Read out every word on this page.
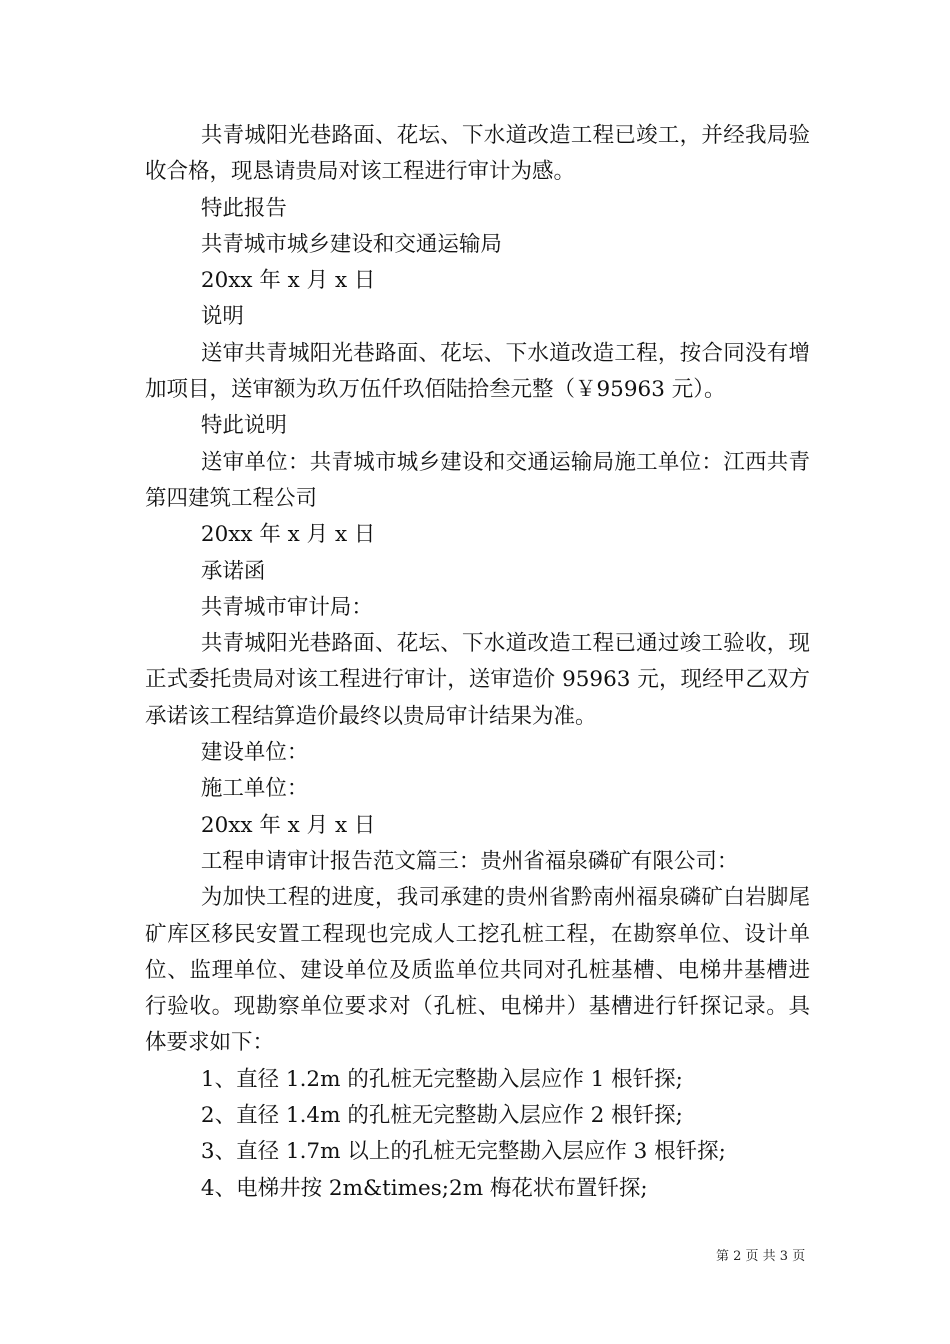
共青城阳光巷路面、花坛、下水道改造工程已竣工，并经我局验收合格，现恳请贵局对该工程进行审计为感。

特此报告

共青城市城乡建设和交通运输局

20xx 年 x 月 x 日

说明

送审共青城阳光巷路面、花坛、下水道改造工程，按合同没有增加项目，送审额为玖万伍仟玖佰陆拾叁元整（￥95963 元）。

特此说明

送审单位：共青城市城乡建设和交通运输局施工单位：江西共青第四建筑工程公司

20xx 年 x 月 x 日

承诺函

共青城市审计局：

共青城阳光巷路面、花坛、下水道改造工程已通过竣工验收，现正式委托贵局对该工程进行审计，送审造价 95963 元，现经甲乙双方承诺该工程结算造价最终以贵局审计结果为准。

建设单位：

施工单位：

20xx 年 x 月 x 日

工程申请审计报告范文篇三：贵州省福泉磷矿有限公司：

为加快工程的进度，我司承建的贵州省黔南州福泉磷矿白岩脚尾矿库区移民安置工程现也完成人工挖孔桩工程，在勘察单位、设计单位、监理单位、建设单位及质监单位共同对孔桩基槽、电梯井基槽进行验收。现勘察单位要求对（孔桩、电梯井）基槽进行钎探记录。具体要求如下：

1、直径 1.2m 的孔桩无完整勘入层应作 1 根钎探;

2、直径 1.4m 的孔桩无完整勘入层应作 2 根钎探;

3、直径 1.7m 以上的孔桩无完整勘入层应作 3 根钎探;

4、电梯井按 2m&times;2m 梅花状布置钎探;

第 2 页 共 3 页
